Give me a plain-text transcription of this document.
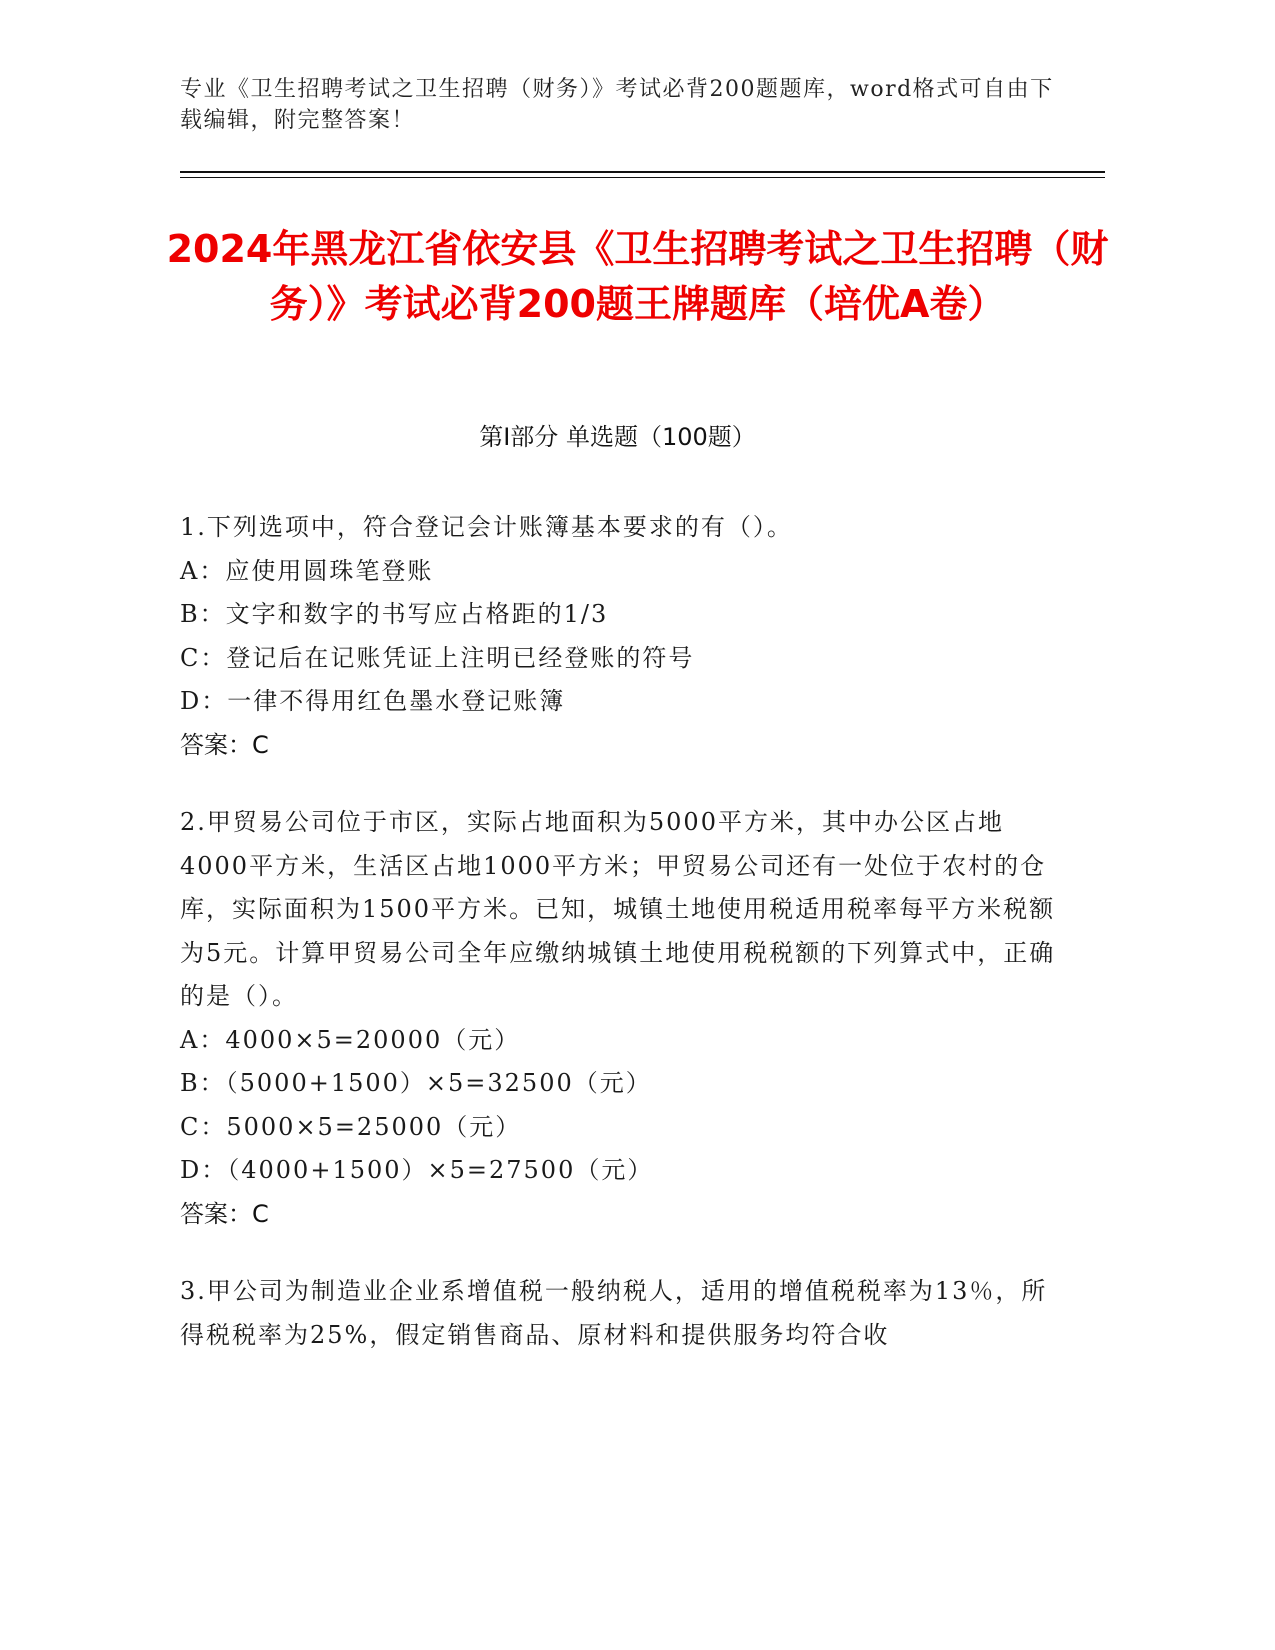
专业《卫生招聘考试之卫生招聘（财务）》考试必背200题题库，word格式可自由下载编辑，附完整答案！
2024年黑龙江省依安县《卫生招聘考试之卫生招聘（财务）》考试必背200题王牌题库（培优A卷）
第Ⅰ部分 单选题（100题）
1.下列选项中，符合登记会计账簿基本要求的有（）。
A：应使用圆珠笔登账
B：文字和数字的书写应占格距的1/3
C：登记后在记账凭证上注明已经登账的符号
D：一律不得用红色墨水登记账簿
答案：C
2.甲贸易公司位于市区，实际占地面积为5000平方米，其中办公区占地4000平方米，生活区占地1000平方米；甲贸易公司还有一处位于农村的仓库，实际面积为1500平方米。已知，城镇土地使用税适用税率每平方米税额为5元。计算甲贸易公司全年应缴纳城镇土地使用税税额的下列算式中，正确的是（）。
A：4000×5=20000（元）
B：（5000+1500）×5=32500（元）
C：5000×5=25000（元）
D：（4000+1500）×5=27500（元）
答案：C
3.甲公司为制造业企业系增值税一般纳税人，适用的增值税税率为13％，所得税税率为25%，假定销售商品、原材料和提供服务均符合收
